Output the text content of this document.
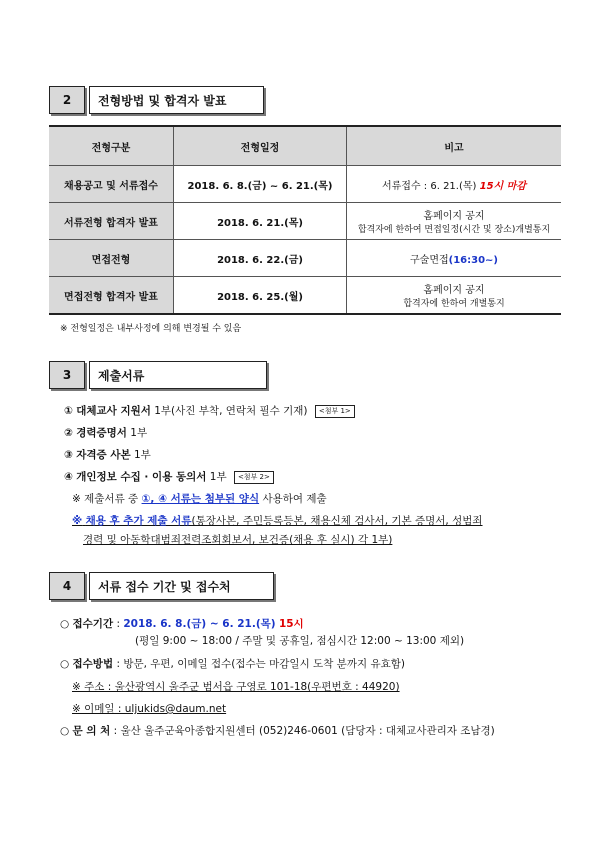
2	전형방법 및 합격자 발표
전형구분	전형일정	비고
채용공고 및 서류접수	2018. 6. 8.(금) ~ 6. 21.(목)	서류접수 : 6. 21.(목) 15시 마감
서류전형 합격자 발표	2018. 6. 21.(목)	홈페이지 공지
합격자에 한하여 면접일정(시간 및 장소)개별통지

면접전형	2018. 6. 22.(금)	구술면접(16:30~)
면접전형 합격자 발표	2018. 6. 25.(월)	홈페이지 공지
합격자에 한하여 개별통지
※ 전형일정은 내부사정에 의해 변경될 수 있음
3	제출서류
① 대체교사 지원서 1부(사진 부착, 연락처 필수 기재) <첨부 1>
② 경력증명서 1부
③ 자격증 사본 1부
④ 개인정보 수집 · 이용 동의서 1부 <첨부 2>
※ 제출서류 중 ①, ④ 서류는 첨부된 양식 사용하여 제출
※ 채용 후 추가 제출 서류(통장사본, 주민등록등본, 채용신체 검사서, 기본 증명서, 성범죄
경력 및 아동학대범죄전력조회회보서, 보건증(채용 후 실시) 각 1부)
4	서류 접수 기간 및 접수처
○ 접수기간 : 2018. 6. 8.(금) ~ 6. 21.(목) 15시
(평일 9:00 ~ 18:00 / 주말 및 공휴일, 점심시간 12:00 ~ 13:00 제외)
○ 접수방법 : 방문, 우편, 이메일 접수(접수는 마감일시 도착 분까지 유효함)
※ 주소 : 울산광역시 울주군 범서읍 구영로 101-18(우편번호 : 44920)
※ 이메일 : uljukids@daum.net
○ 문 의 처 : 울산 울주군육아종합지원센터 (052)246-0601 (담당자 : 대체교사관리자 조남경)
